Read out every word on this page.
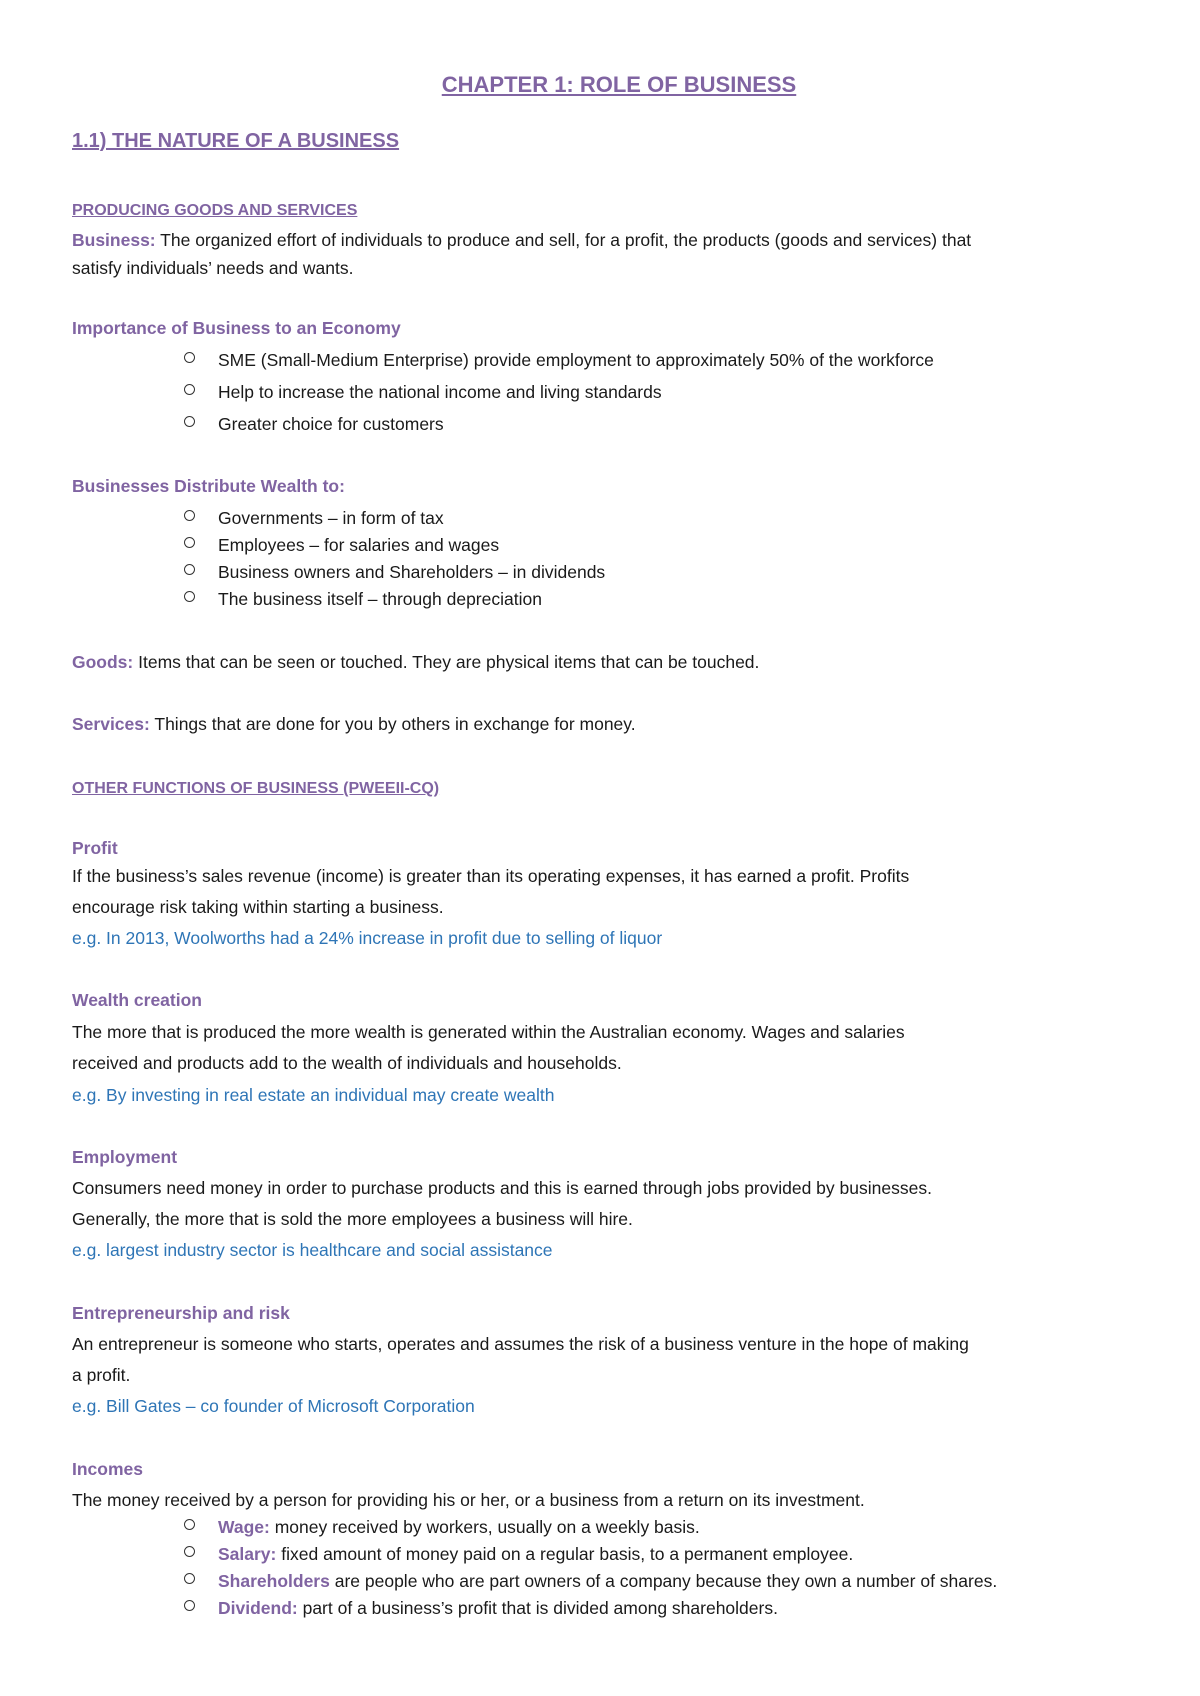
CHAPTER 1: ROLE OF BUSINESS
1.1) THE NATURE OF A BUSINESS
PRODUCING GOODS AND SERVICES
Business: The organized effort of individuals to produce and sell, for a profit, the products (goods and services) that
satisfy individuals’ needs and wants.
Importance of Business to an Economy
SME (Small-Medium Enterprise) provide employment to approximately 50% of the workforce
Help to increase the national income and living standards
Greater choice for customers
Businesses Distribute Wealth to:
Governments – in form of tax
Employees – for salaries and wages
Business owners and Shareholders – in dividends
The business itself – through depreciation
Goods: Items that can be seen or touched. They are physical items that can be touched.
Services: Things that are done for you by others in exchange for money.
OTHER FUNCTIONS OF BUSINESS (PWEEII-CQ)
Profit
If the business’s sales revenue (income) is greater than its operating expenses, it has earned a profit. Profits
encourage risk taking within starting a business.
e.g. In 2013, Woolworths had a 24% increase in profit due to selling of liquor
Wealth creation
The more that is produced the more wealth is generated within the Australian economy. Wages and salaries
received and products add to the wealth of individuals and households.
e.g. By investing in real estate an individual may create wealth
Employment
Consumers need money in order to purchase products and this is earned through jobs provided by businesses.
Generally, the more that is sold the more employees a business will hire.
e.g. largest industry sector is healthcare and social assistance
Entrepreneurship and risk
An entrepreneur is someone who starts, operates and assumes the risk of a business venture in the hope of making
a profit.
e.g. Bill Gates – co founder of Microsoft Corporation
Incomes
The money received by a person for providing his or her, or a business from a return on its investment.
Wage: money received by workers, usually on a weekly basis.
Salary: fixed amount of money paid on a regular basis, to a permanent employee.
Shareholders are people who are part owners of a company because they own a number of shares.
Dividend: part of a business’s profit that is divided among shareholders.
